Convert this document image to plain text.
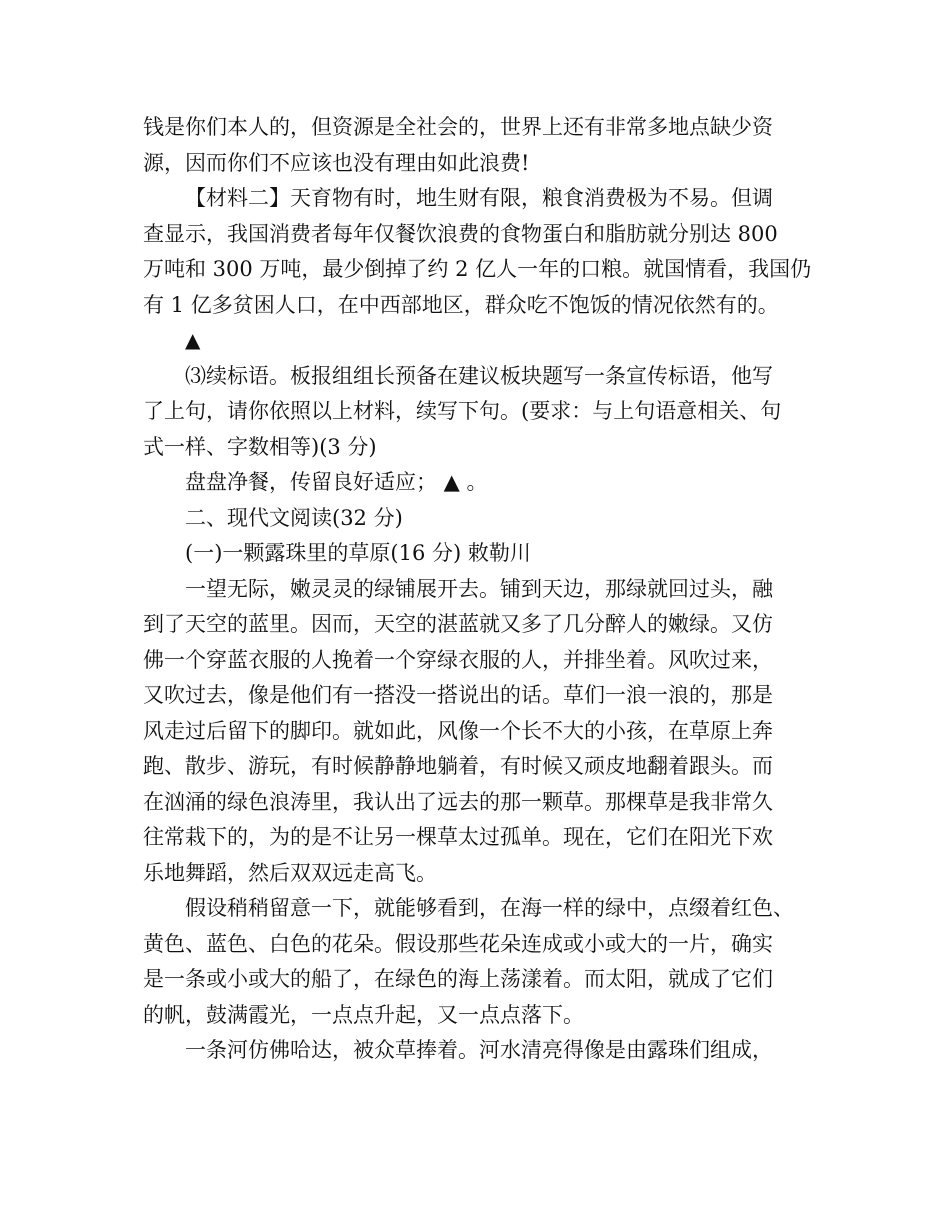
钱是你们本人的，但资源是全社会的，世界上还有非常多地点缺少资
源，因而你们不应该也没有理由如此浪费!
【材料二】天育物有时，地生财有限，粮食消费极为不易。但调
查显示，我国消费者每年仅餐饮浪费的食物蛋白和脂肪就分别达 800
万吨和 300 万吨，最少倒掉了约 2 亿人一年的口粮。就国情看，我国仍
有 1 亿多贫困人口，在中西部地区，群众吃不饱饭的情况依然有的。
▲
⑶续标语。板报组组长预备在建议板块题写一条宣传标语，他写
了上句，请你依照以上材料，续写下句。(要求：与上句语意相关、句
式一样、字数相等)(3 分)
盘盘净餐，传留良好适应； ▲ 。
二、现代文阅读(32 分)
(一)一颗露珠里的草原(16 分) 敕勒川
一望无际，嫩灵灵的绿铺展开去。铺到天边，那绿就回过头，融
到了天空的蓝里。因而，天空的湛蓝就又多了几分醉人的嫩绿。又仿
佛一个穿蓝衣服的人挽着一个穿绿衣服的人，并排坐着。风吹过来，
又吹过去，像是他们有一搭没一搭说出的话。草们一浪一浪的，那是
风走过后留下的脚印。就如此，风像一个长不大的小孩，在草原上奔
跑、散步、游玩，有时候静静地躺着，有时候又顽皮地翻着跟头。而
在汹涌的绿色浪涛里，我认出了远去的那一颗草。那棵草是我非常久
往常栽下的，为的是不让另一棵草太过孤单。现在，它们在阳光下欢
乐地舞蹈，然后双双远走高飞。
假设稍稍留意一下，就能够看到，在海一样的绿中，点缀着红色、
黄色、蓝色、白色的花朵。假设那些花朵连成或小或大的一片，确实
是一条或小或大的船了，在绿色的海上荡漾着。而太阳，就成了它们
的帆，鼓满霞光，一点点升起，又一点点落下。
一条河仿佛哈达，被众草捧着。河水清亮得像是由露珠们组成，
